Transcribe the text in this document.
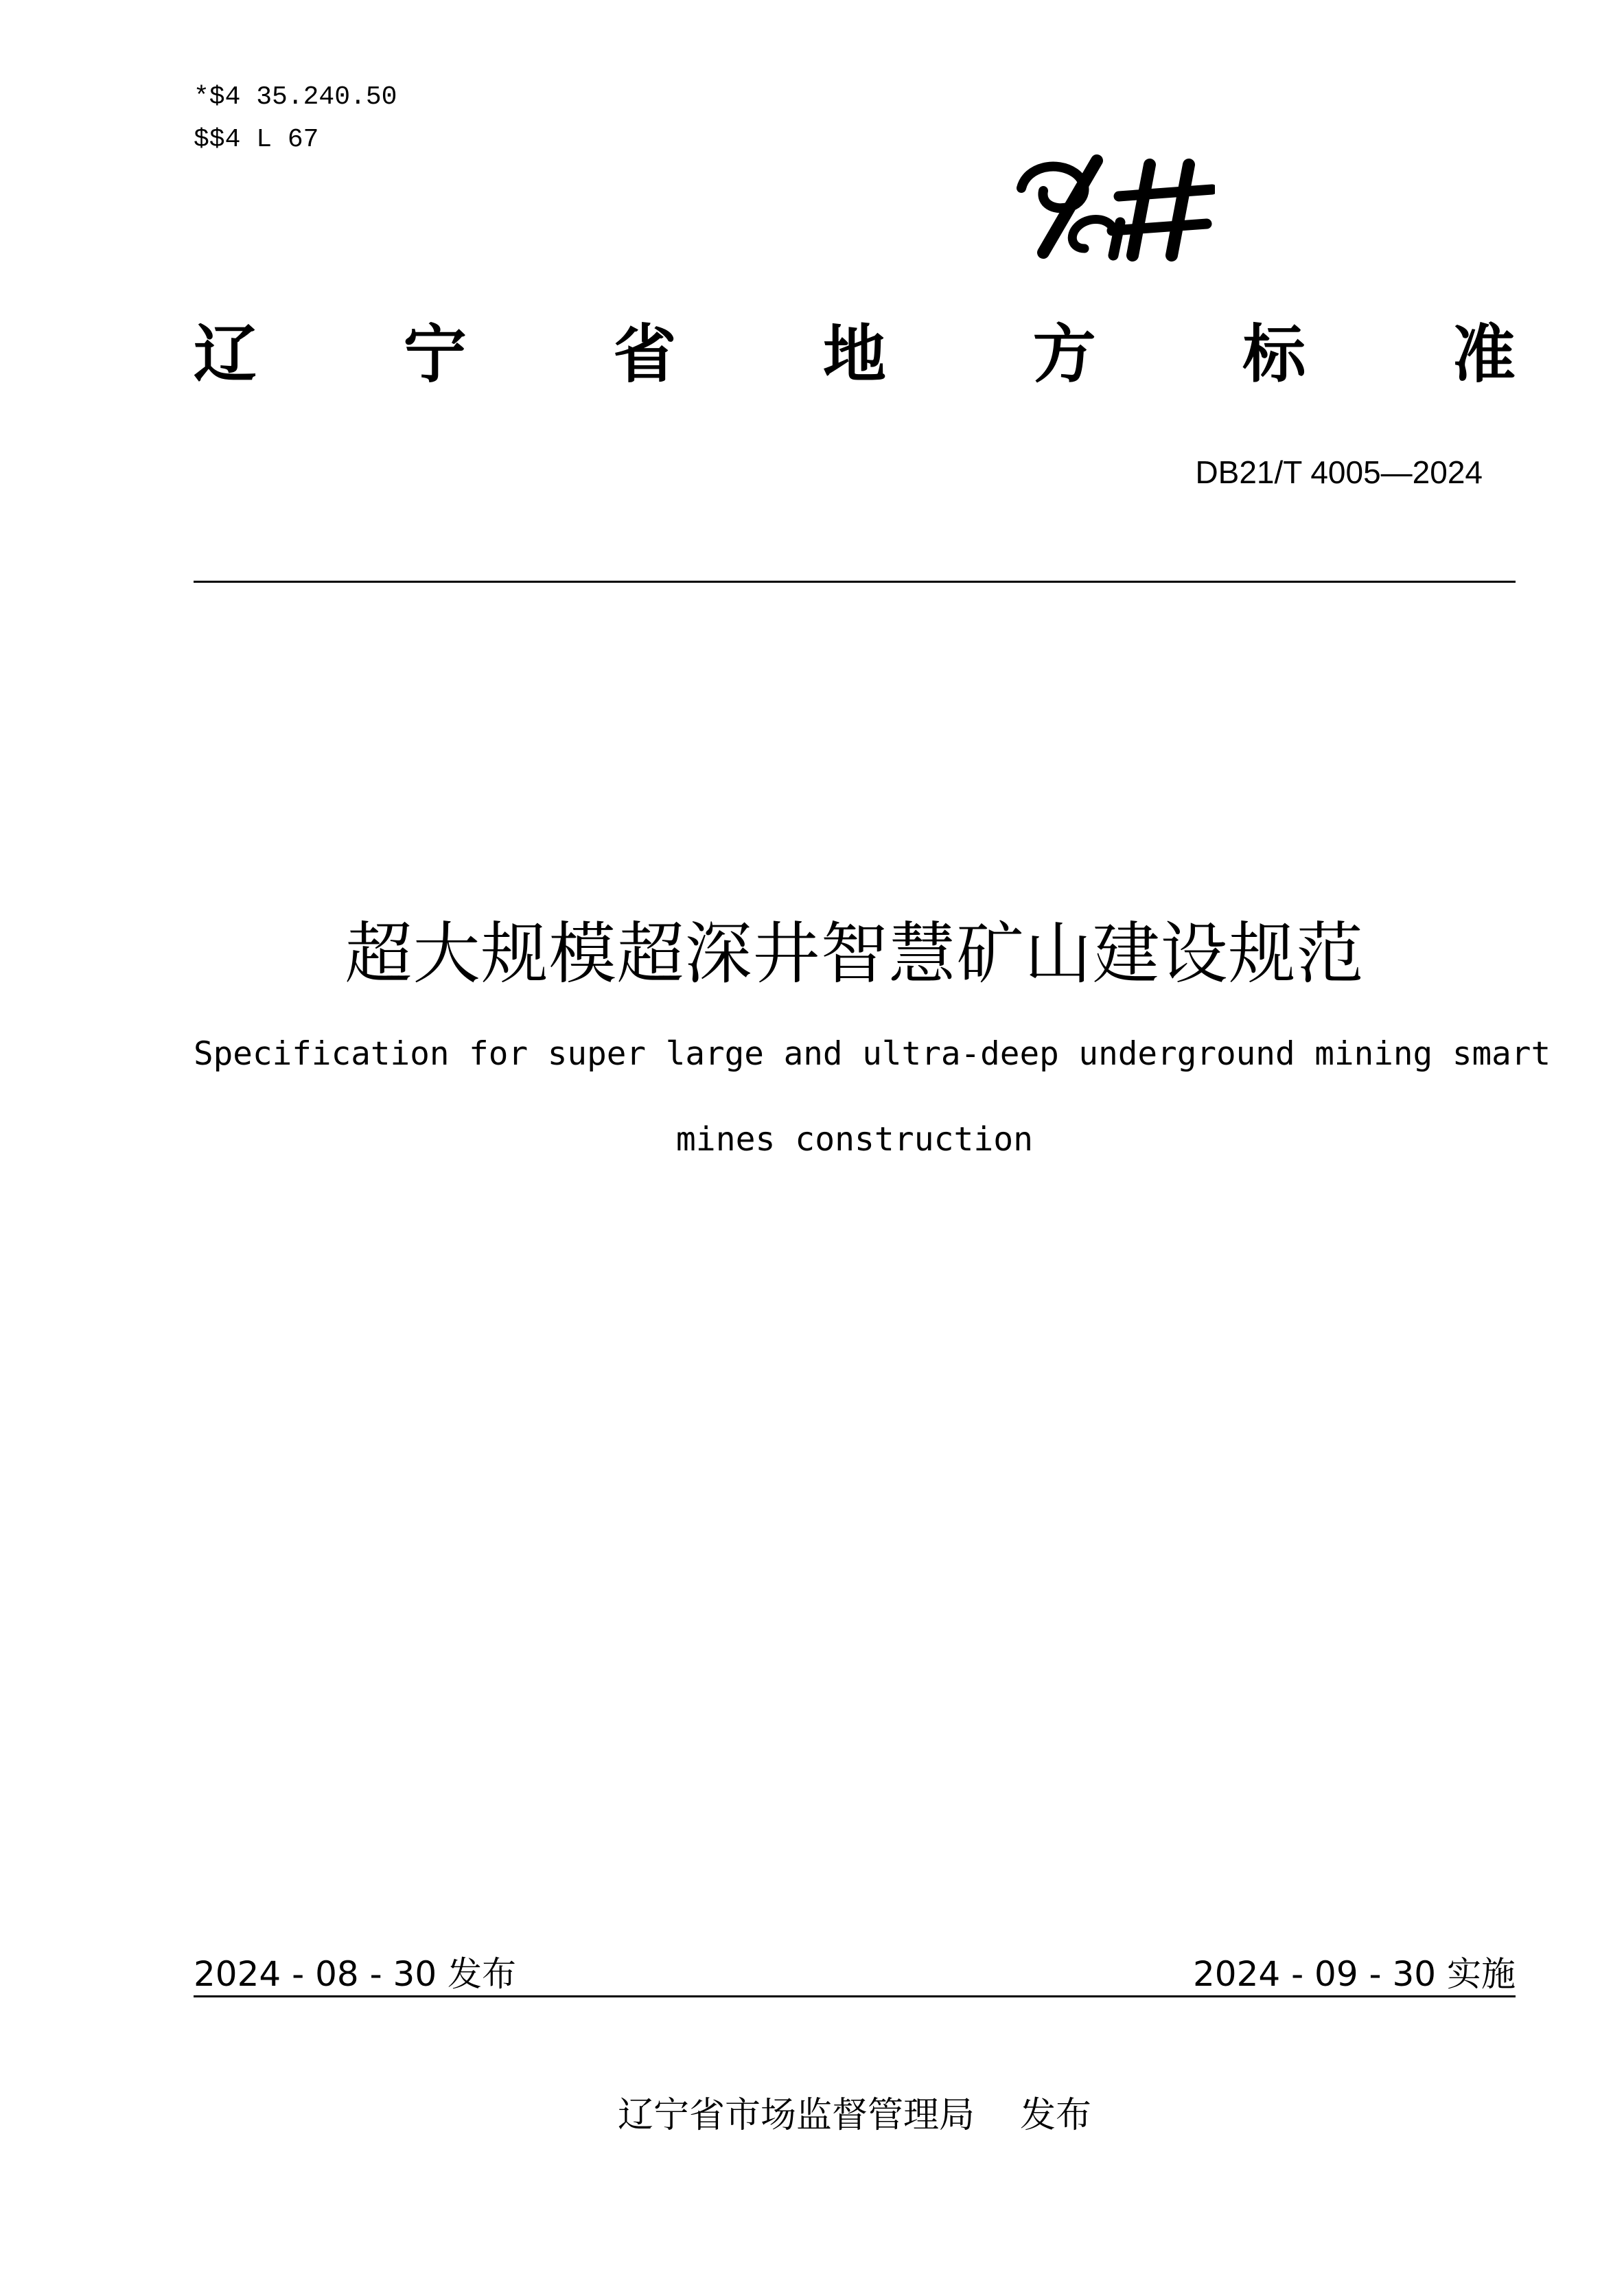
*$4 35.240.50
$$4 L 67
辽 宁 省 地 方 标 准
DB21/T 4005—2024
超大规模超深井智慧矿山建设规范
Specification for super large and ultra-deep underground mining smart
mines construction
2024 - 08 - 30 发布	2024 - 09 - 30 实施
辽宁省市场监督管理局    发布
